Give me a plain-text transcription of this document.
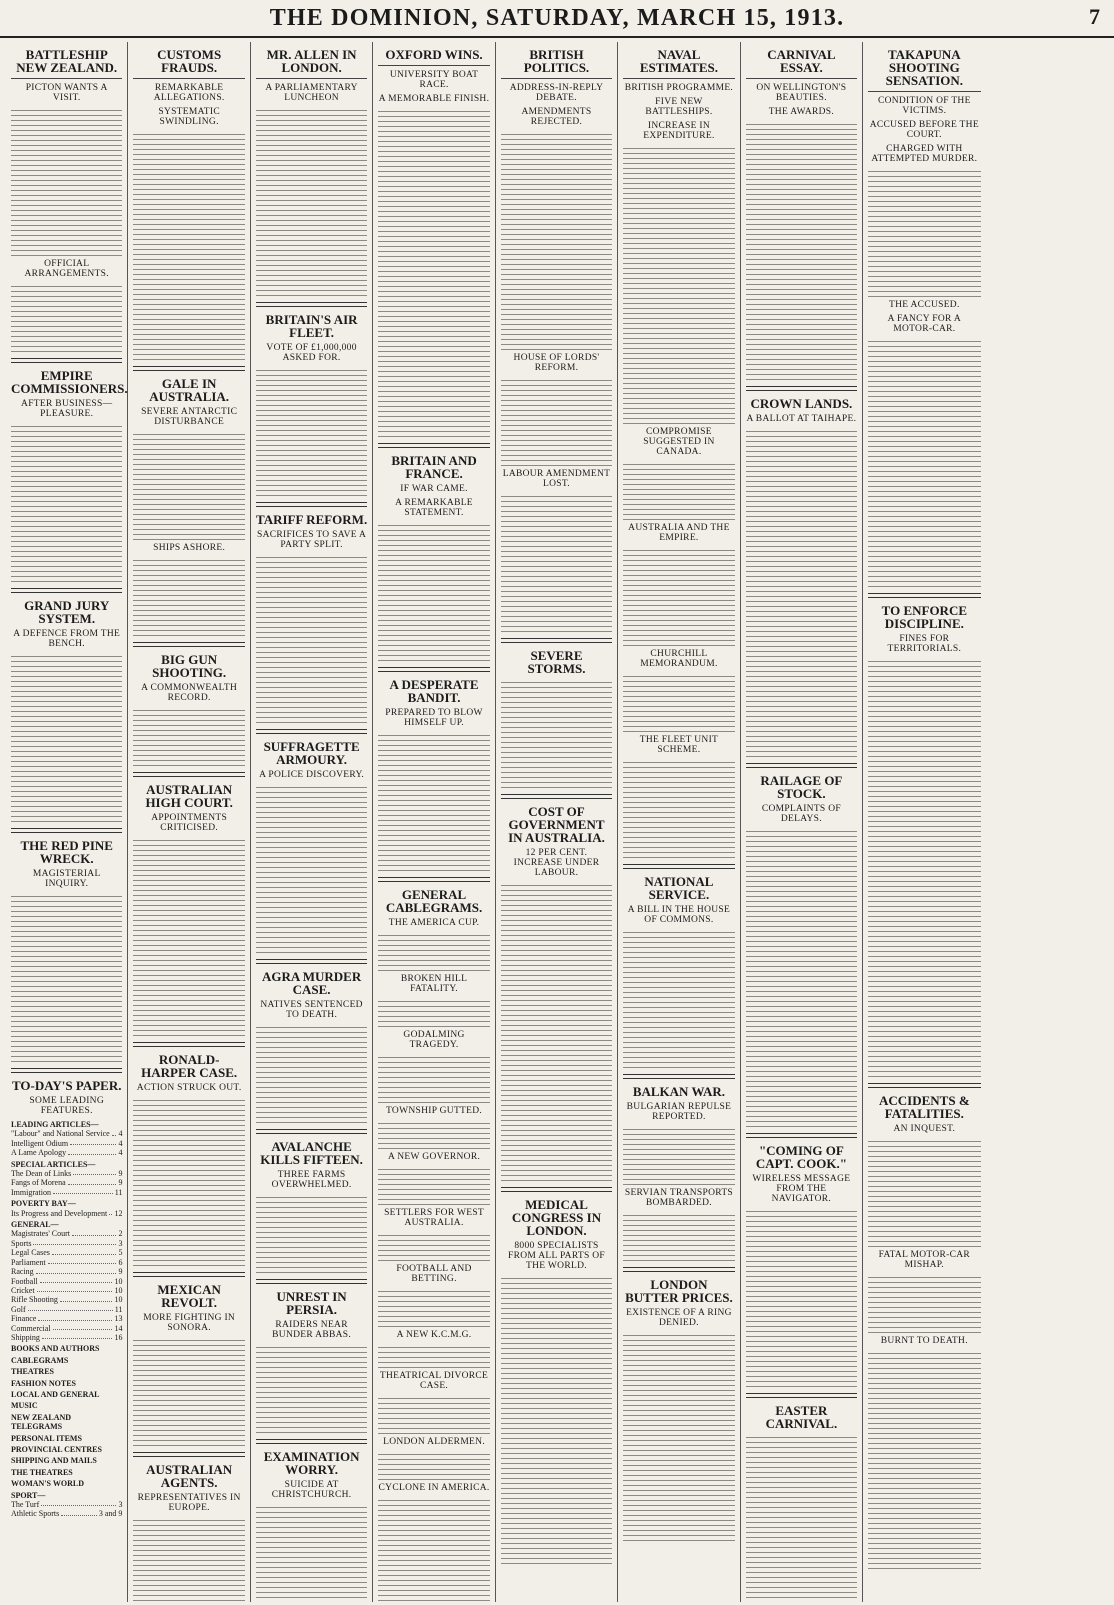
THE DOMINION, SATURDAY, MARCH 15, 1913.	7
BATTLESHIP NEW ZEALAND.
PICTON WANTS A VISIT.
OFFICIAL ARRANGEMENTS.
EMPIRE COMMISSIONERS.
AFTER BUSINESS—PLEASURE.
GRAND JURY SYSTEM.
A DEFENCE FROM THE BENCH.
THE RED PINE WRECK.
MAGISTERIAL INQUIRY.
TO-DAY'S PAPER.
SOME LEADING FEATURES.
LEADING ARTICLES—
"Labour" and National Service 4
Intelligent Odium	4
A Lame Apology	4
SPECIAL ARTICLES—
The Dean of Links	9
Fangs of Morena	9
Immigration	11
POVERTY BAY—
Its Progress and Development 12
GENERAL—
Magistrates' Court	2
Sports	3
Legal Cases	5
Parliament	6
Racing	9
Football	10
Cricket	10
Rifle Shooting	10
Golf	11
Finance	13
Commercial	14
Shipping	16
BOOKS AND AUTHORS
CABLEGRAMS
THEATRES
FASHION NOTES
LOCAL AND GENERAL
MUSIC
NEW ZEALAND TELEGRAMS
PERSONAL ITEMS
PROVINCIAL CENTRES
SHIPPING AND MAILS
THE THEATRES
WOMAN'S WORLD
SPORT—
The Turf	3
Athletic Sports	3 and 9
CUSTOMS FRAUDS.
REMARKABLE ALLEGATIONS.
SYSTEMATIC SWINDLING.
GALE IN AUSTRALIA.
SEVERE ANTARCTIC DISTURBANCE
SHIPS ASHORE.
BIG GUN SHOOTING.
A COMMONWEALTH RECORD.
AUSTRALIAN HIGH COURT.
APPOINTMENTS CRITICISED.
RONALD-HARPER CASE.
ACTION STRUCK OUT.
MEXICAN REVOLT.
MORE FIGHTING IN SONORA.
AUSTRALIAN AGENTS.
REPRESENTATIVES IN EUROPE.
MR. ALLEN IN LONDON.
A PARLIAMENTARY LUNCHEON
BRITAIN'S AIR FLEET.
VOTE OF £1,000,000 ASKED FOR.
TARIFF REFORM.
SACRIFICES TO SAVE A PARTY SPLIT.
SUFFRAGETTE ARMOURY.
A POLICE DISCOVERY.
AGRA MURDER CASE.
NATIVES SENTENCED TO DEATH.
AVALANCHE KILLS FIFTEEN.
THREE FARMS OVERWHELMED.
UNREST IN PERSIA.
RAIDERS NEAR BUNDER ABBAS.
EXAMINATION WORRY.
SUICIDE AT CHRISTCHURCH.
OXFORD WINS.
UNIVERSITY BOAT RACE.
A MEMORABLE FINISH.
BRITAIN AND FRANCE.
IF WAR CAME.
A REMARKABLE STATEMENT.
A DESPERATE BANDIT.
PREPARED TO BLOW HIMSELF UP.
GENERAL CABLEGRAMS.
THE AMERICA CUP.
BROKEN HILL FATALITY.
GODALMING TRAGEDY.
TOWNSHIP GUTTED.
A NEW GOVERNOR.
SETTLERS FOR WEST AUSTRALIA.
FOOTBALL AND BETTING.
A NEW K.C.M.G.
THEATRICAL DIVORCE CASE.
LONDON ALDERMEN.
CYCLONE IN AMERICA.
BRITISH POLITICS.
ADDRESS-IN-REPLY DEBATE.
AMENDMENTS REJECTED.
HOUSE OF LORDS' REFORM.
LABOUR AMENDMENT LOST.
SEVERE STORMS.
COST OF GOVERNMENT IN AUSTRALIA.
12 PER CENT. INCREASE UNDER LABOUR.
MEDICAL CONGRESS IN LONDON.
8000 SPECIALISTS FROM ALL PARTS OF THE WORLD.
NAVAL ESTIMATES.
BRITISH PROGRAMME.
FIVE NEW BATTLESHIPS.
INCREASE IN EXPENDITURE.
COMPROMISE SUGGESTED IN CANADA.
AUSTRALIA AND THE EMPIRE.
CHURCHILL MEMORANDUM.
THE FLEET UNIT SCHEME.
NATIONAL SERVICE.
A BILL IN THE HOUSE OF COMMONS.
BALKAN WAR.
BULGARIAN REPULSE REPORTED.
SERVIAN TRANSPORTS BOMBARDED.
LONDON BUTTER PRICES.
EXISTENCE OF A RING DENIED.
CARNIVAL ESSAY.
ON WELLINGTON'S BEAUTIES.
THE AWARDS.
CROWN LANDS.
A BALLOT AT TAIHAPE.
RAILAGE OF STOCK.
COMPLAINTS OF DELAYS.
"COMING OF CAPT. COOK."
WIRELESS MESSAGE FROM THE NAVIGATOR.
EASTER CARNIVAL.
TAKAPUNA SHOOTING SENSATION.
CONDITION OF THE VICTIMS.
ACCUSED BEFORE THE COURT.
CHARGED WITH ATTEMPTED MURDER.
THE ACCUSED.
A FANCY FOR A MOTOR-CAR.
TO ENFORCE DISCIPLINE.
FINES FOR TERRITORIALS.
ACCIDENTS & FATALITIES.
AN INQUEST.
FATAL MOTOR-CAR MISHAP.
BURNT TO DEATH.
